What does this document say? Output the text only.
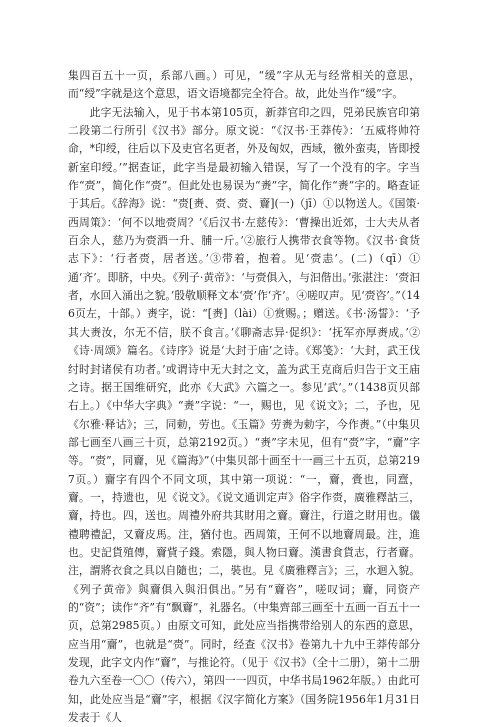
集四百五十一页，系部八画。）可见，“缓”字从无与经常相关的意思，而“绶”字就是这个意思，语文语境都完全符合。故，此处当作“缓”字。

此字无法输入，见于书本第105页，新莽官印之四，兕弟民族官印第二段第二行所引《汉书》部分。原文说：“《汉书·王莽传》：‘五威将帅符命，*印绶，往后以下及吏官名更者，外及匈奴，西域，徼外蛮夷，皆即授新室印绶。’”据查证，此字当是最初输入错误，写了一个没有的字。字当作“赍”，简化作“赍”。但此处也易误为“赉”字，简化作“赉”字的。略查证于其后。《辞海》说：“赍[赉、赍、赍、齎](一)（jī）①以物送人。《国策·西周策》：‘何不以地赍周？’《后汉书·左慈传》：‘曹操出近郊，士大夫从者百余人，慈乃为赍酒一升、脯一斤。’②旅行人携带衣食等物。《汉书·食货志下》：‘行者赍，居者送。’③带着，抱着。见‘赍恚’。(二)（qī）①通‘齐’。即脐，中央。《列子·黄帝》：‘与赍俱入，与汩偕出。’张湛注：‘赍汩者，水回入涌出之貌。’殷敬顺释文本‘赍’作‘齐’。④嗟叹声。见‘赍咨’。”（146页左，十部。）赉字，说：“[赉]（lài）①赏赐。；赠送。《书·汤誓》：‘予其大赉汝，尔无不信，朕不食言。’《聊斋志异·促织》：‘抚军亦厚赉成。’②《诗·周颂》篇名。《诗序》说是‘大封于庙’之诗。《郑笺》：‘大封，武王伐纣时封诸侯有功者。’或谓诗中无大封之文，盖为武王克商后归告于文王庙之诗。据王国维研究，此亦《大武》六篇之一。参见‘武’。”（1438页贝部右上。）《中华大字典》“赉”字说：“一，赐也，见《说文》；二，予也，见《尔雅·释诂》；三，同勅，劳也。《玉篇》劳赉为勅字，今作赉。”（中集贝部七画至八画三十页，总第2192页。）“赉”字未见，但有“赍”字，“齎”字等。“赍”，同齎，见《篇海》”（中集贝部十画至十一画三十五页，总第2197页。）齎字有四个不同文项，其中第一项说：“一，齎，賫也，同齍，齎。一，持遗也，见《说文》。《说文通训定声》俗字作赍，廣雅釋詁三，齎，持也。四，送也。周禮外府共其財用之齎。齎注，行道之財用也。儀禮聘禮記，又齎皮馬。注，猶付也。西周策，王何不以地齎周最。注，進也。史記貨殖傳，齎貲子錢。索隱，與人物曰齎。漢書食貨志，行者齎。注，謂將衣食之具以自隨也；二，裝也。見《廣雅釋言》；三，水迴入貌。《列子黄帝》與齎俱入與汨俱出。”另有“齎咨”，嗟叹词；齎，同资产的“资”；读作“齐”有“飘齎”，礼器名。（中集齊部三画至十五画一百五十一页，总第2985页。）由原文可知，此处应当指携带给别人的东西的意思，应当用“齎”，也就是“赍”。同时，经查《汉书》卷第九十九中王莽传部分发现，此字文内作“齎”，与推论符。（见于《汉书》（全十二册），第十二册卷九六至卷一〇〇（传六），第四一一四页，中华书局1962年版。）由此可知，此处应当是“齎”字，根据《汉字简化方案》（国务院1956年1月31日发表于《人
